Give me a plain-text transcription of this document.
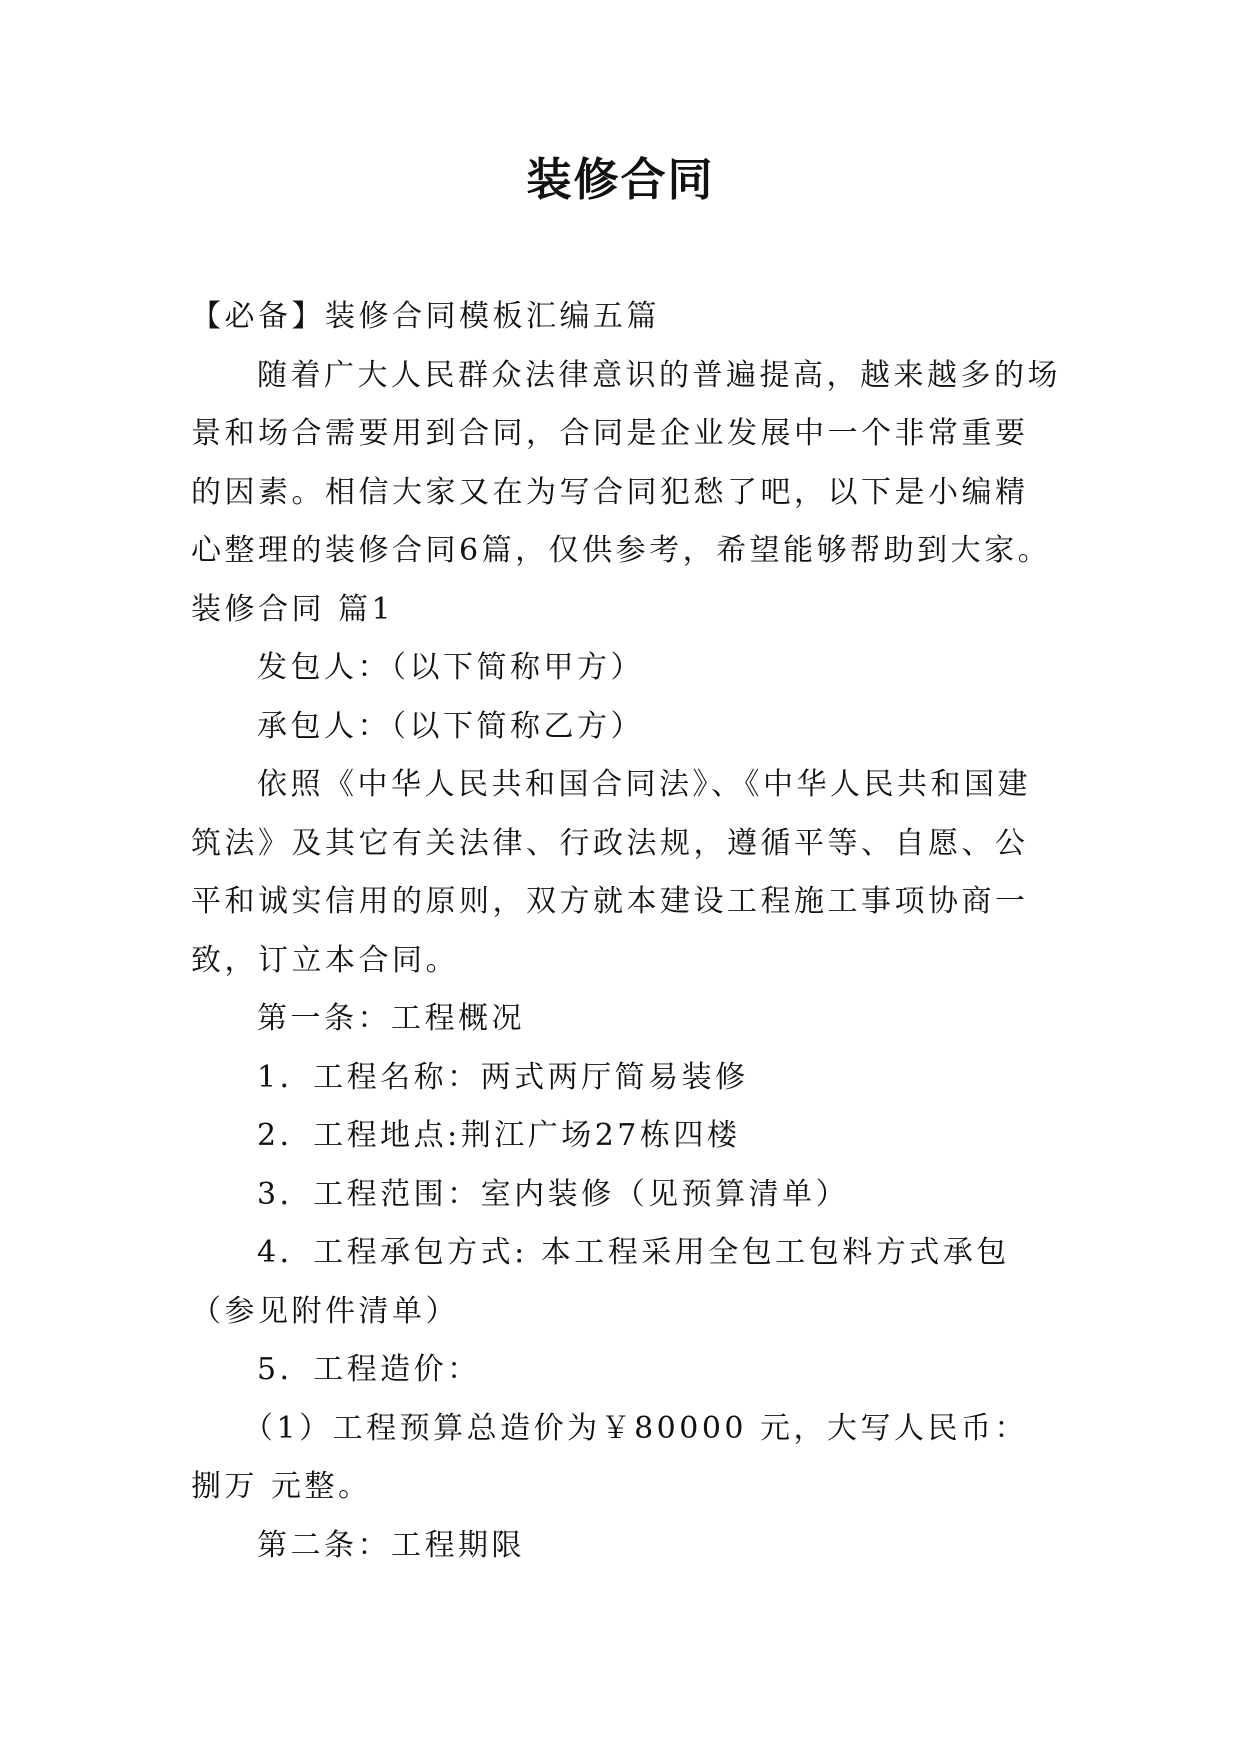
装修合同

【必备】装修合同模板汇编五篇

随着广大人民群众法律意识的普遍提高，越来越多的场景和场合需要用到合同，合同是企业发展中一个非常重要的因素。相信大家又在为写合同犯愁了吧，以下是小编精心整理的装修合同6篇，仅供参考，希望能够帮助到大家。

装修合同 篇1

发包人：（以下简称甲方）

承包人：（以下简称乙方）

依照《中华人民共和国合同法》、《中华人民共和国建筑法》及其它有关法律、行政法规，遵循平等、自愿、公平和诚实信用的原则，双方就本建设工程施工事项协商一致，订立本合同。

第一条：工程概况

1．工程名称：两式两厅简易装修

2．工程地点:荆江广场27栋四楼

3．工程范围：室内装修（见预算清单）

4．工程承包方式: 本工程采用全包工包料方式承包（参见附件清单）

5．工程造价：

（1）工程预算总造价为￥80000 元，大写人民币：捌万 元整。

第二条：工程期限
